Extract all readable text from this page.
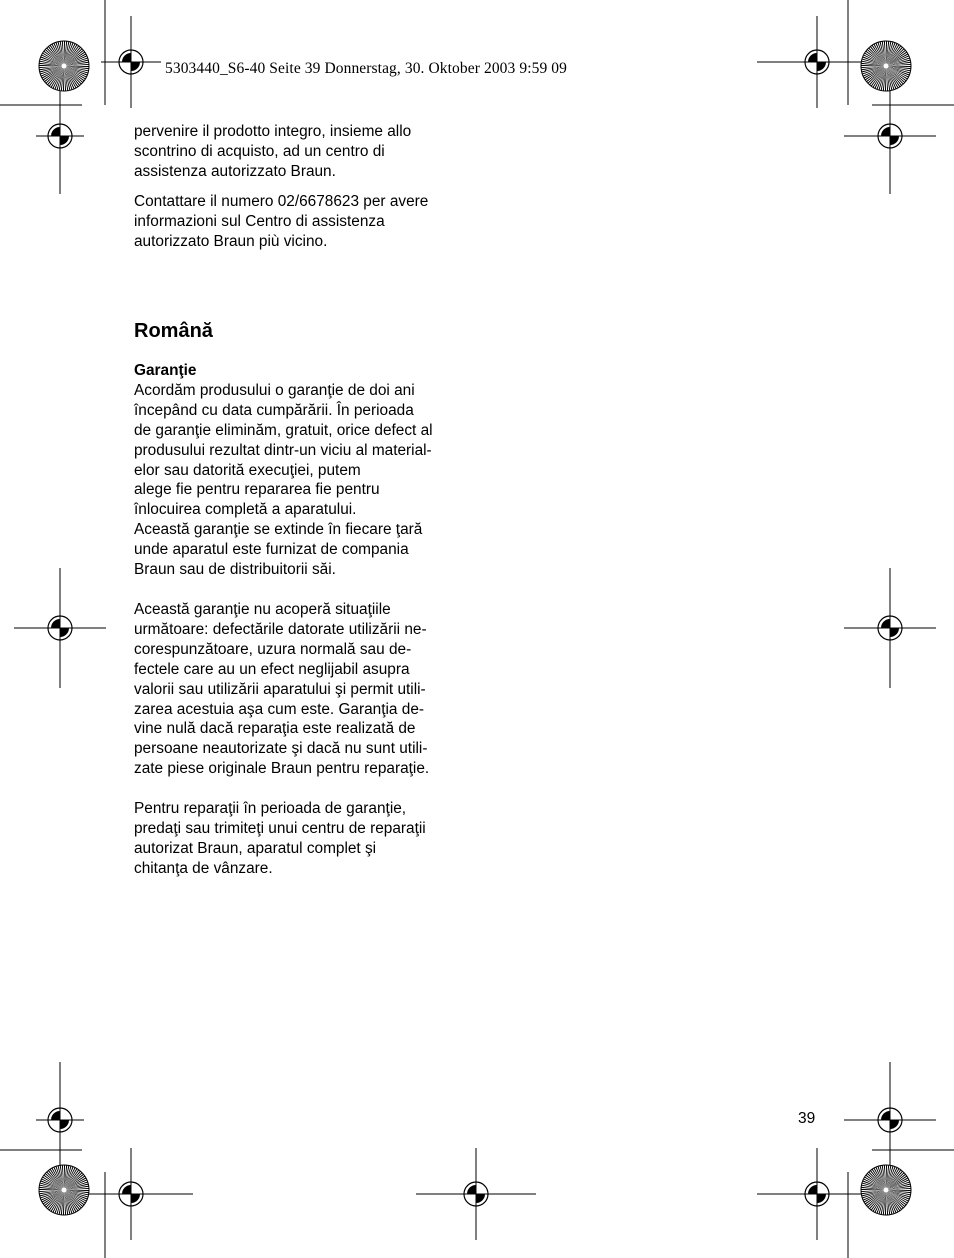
5303440_S6-40 Seite 39 Donnerstag, 30. Oktober 2003 9:59 09

pervenire il prodotto integro, insieme allo
scontrino di acquisto, ad un centro di
assistenza autorizzato Braun.

Contattare il numero 02/6678623 per avere
informazioni sul Centro di assistenza
autorizzato Braun più vicino.

Română

Garanţie

Acordăm produsului o garanţie de doi ani
începând cu data cumpărării. În perioada
de garanţie eliminăm, gratuit, orice defect al
produsului rezultat dintr-un viciu al material-
elor sau datorită execuţiei, putem
alege fie pentru repararea fie pentru
înlocuirea completă a aparatului.
Această garanţie se extinde în fiecare ţară
unde aparatul este furnizat de compania
Braun sau de distribuitorii săi.

Această garanţie nu acoperă situaţiile
următoare: defectările datorate utilizării ne-
corespunzătoare, uzura normală sau de-
fectele care au un efect neglijabil asupra
valorii sau utilizării aparatului şi permit utili-
zarea acestuia aşa cum este. Garanţia de-
vine nulă dacă reparaţia este realizată de
persoane neautorizate şi dacă nu sunt utili-
zate piese originale Braun pentru reparaţie.

Pentru reparaţii în perioada de garanţie,
predaţi sau trimiteţi unui centru de reparaţii
autorizat Braun, aparatul complet şi
chitanţa de vânzare.

39
